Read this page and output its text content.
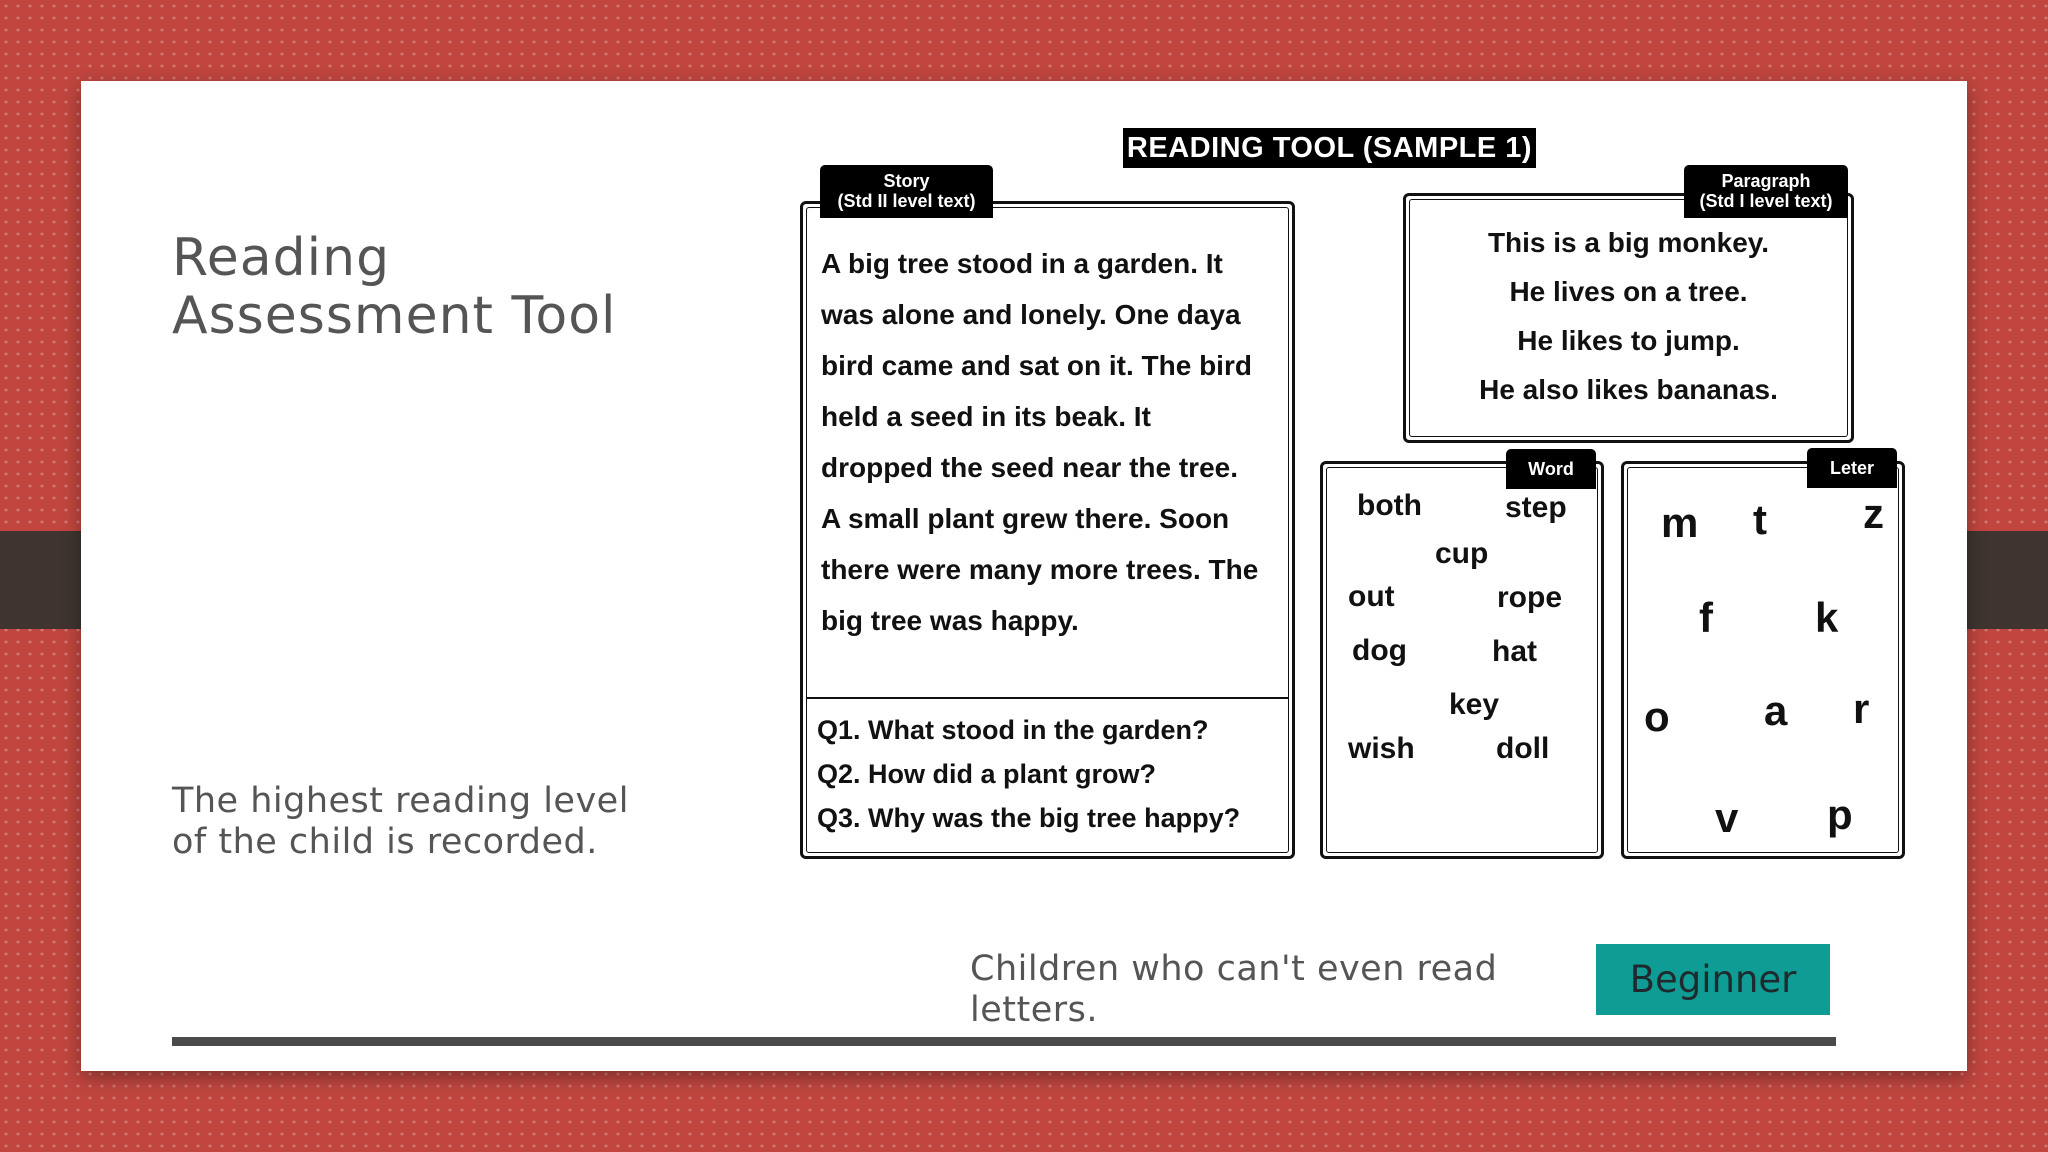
Reading
Assessment Tool
The highest reading level
of the child is recorded.
READING TOOL (SAMPLE 1)

A big tree stood in a garden. It

was alone and lonely. One daya

bird came and sat on it. The bird

held a seed in its beak. It

dropped the seed near the tree.

A small plant grew there. Soon

there were many more trees. The

big tree was happy.

Q1. What stood in the garden?

Q2. How did a plant grow?

Q3. Why was the big tree happy?

Story
(Std II level text)

This is a big monkey.

He lives on a tree.

He likes to jump.

He also likes bananas.

Paragraph
(Std I level text)
both	step
cup
out	rope
dog	hat
key
wish	doll
Word
m t z
f k
o a r
v p
Leter
Children who can't even read letters.
Beginner
